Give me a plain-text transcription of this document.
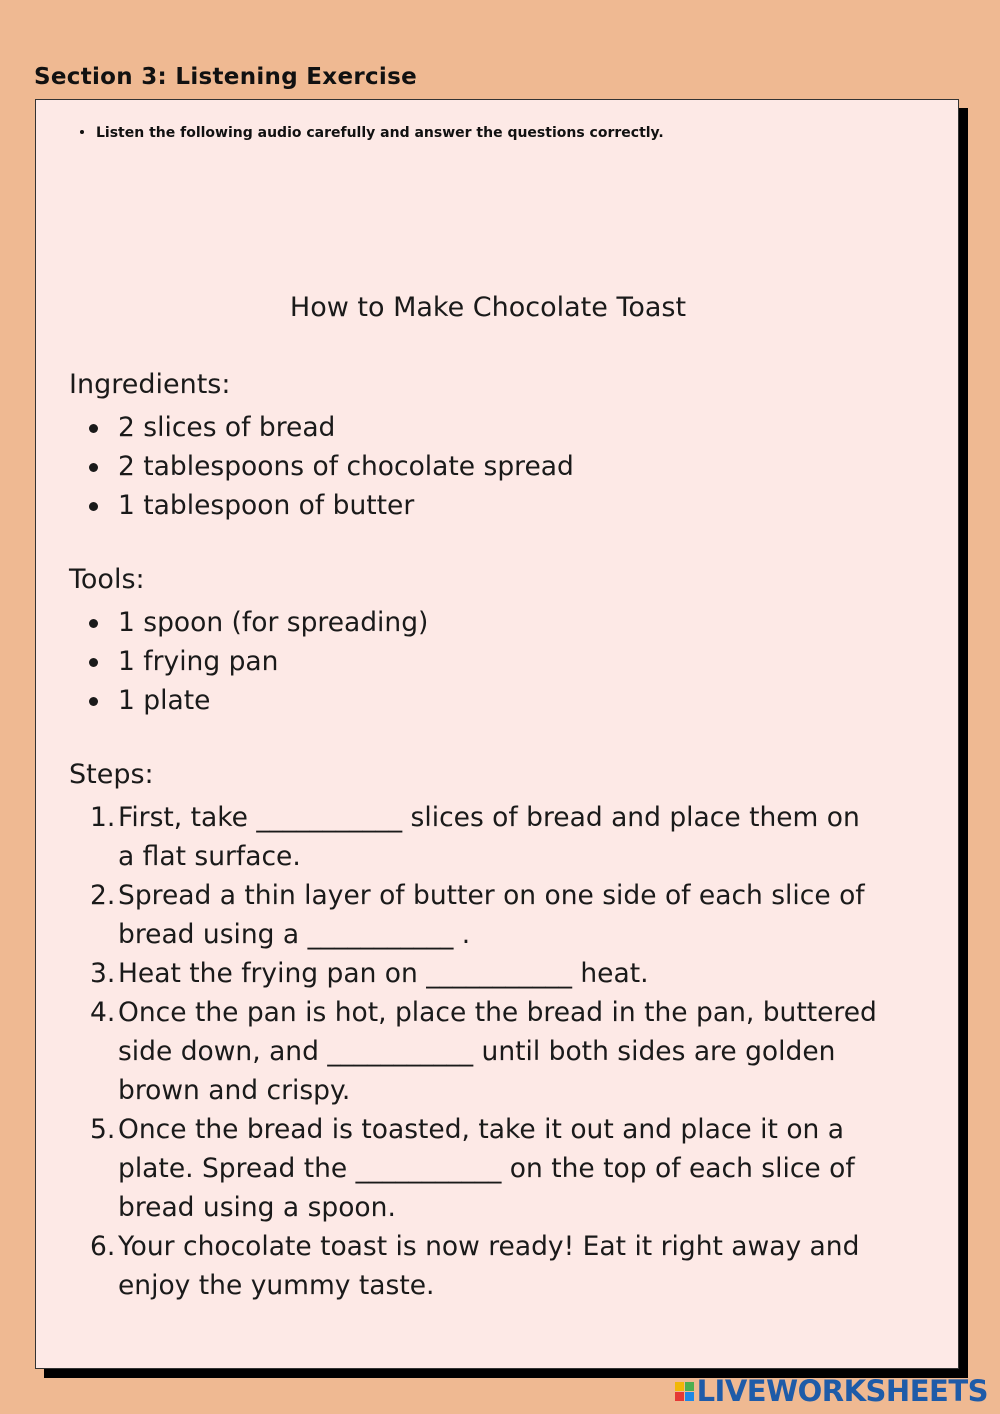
Section 3: Listening Exercise
Listen the following audio carefully and answer the questions correctly.
How to Make Chocolate Toast
Ingredients:
2 slices of bread
2 tablespoons of chocolate spread
1 tablespoon of butter
Tools:
1 spoon (for spreading)
1 frying pan
1 plate
Steps:
1. First, take ___________ slices of bread and place them on a flat surface.
2. Spread a thin layer of butter on one side of each slice of bread using a ___________ .
3. Heat the frying pan on ___________ heat.
4. Once the pan is hot, place the bread in the pan, buttered side down, and ___________ until both sides are golden brown and crispy.
5. Once the bread is toasted, take it out and place it on a plate. Spread the ___________ on the top of each slice of bread using a spoon.
6. Your chocolate toast is now ready! Eat it right away and enjoy the yummy taste.
LIVEWORKSHEETS
